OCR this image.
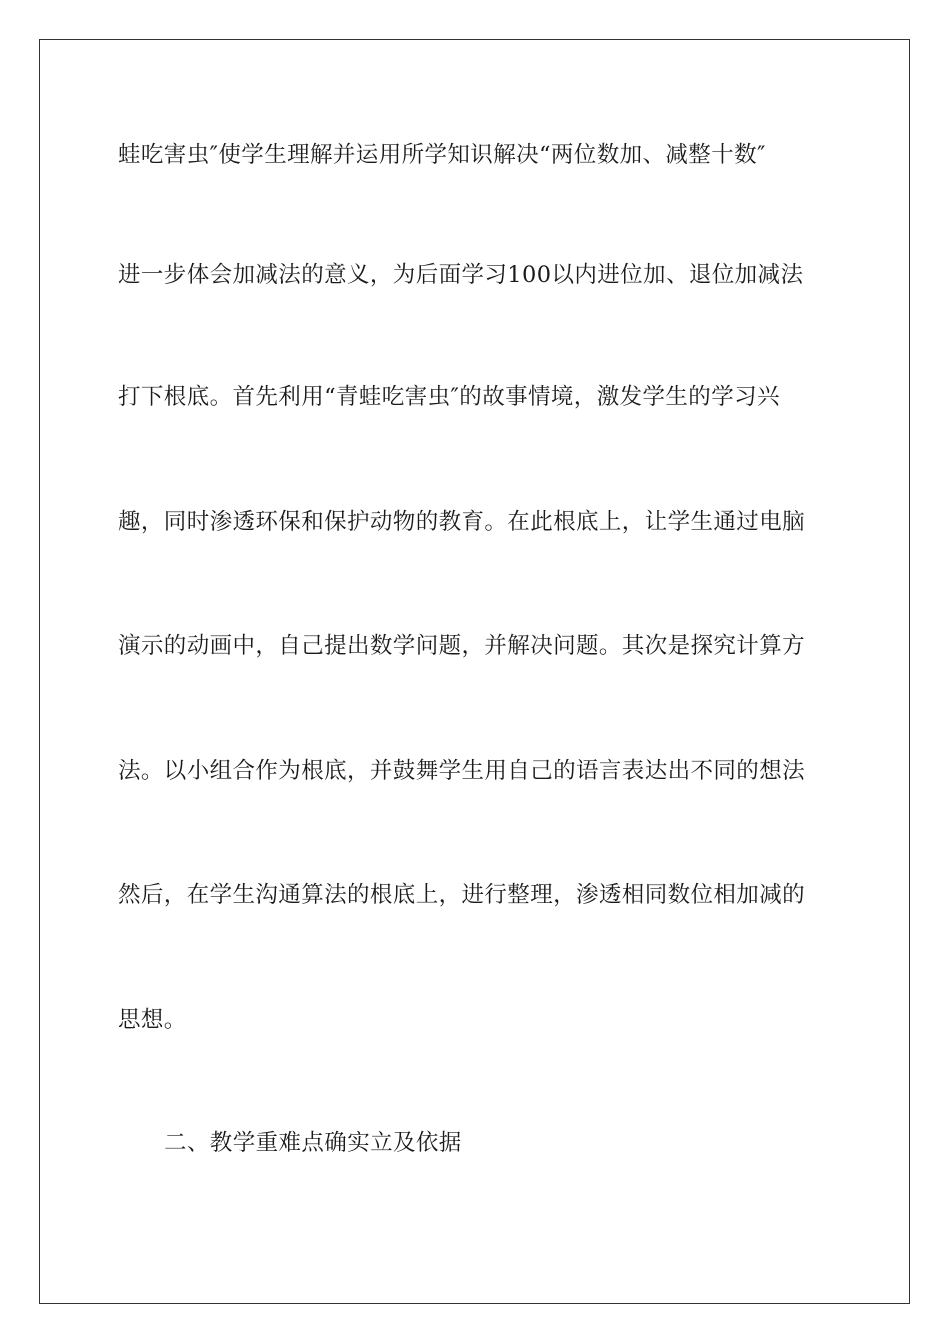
蛙吃害虫″使学生理解并运用所学知识解决“两位数加、减整十数″

进一步体会加减法的意义，为后面学习100以内进位加、退位加减法

打下根底。首先利用“青蛙吃害虫″的故事情境，激发学生的学习兴

趣，同时渗透环保和保护动物的教育。在此根底上，让学生通过电脑

演示的动画中，自己提出数学问题，并解决问题。其次是探究计算方

法。以小组合作为根底，并鼓舞学生用自己的语言表达出不同的想法

然后，在学生沟通算法的根底上，进行整理，渗透相同数位相加减的

思想。

二、教学重难点确实立及依据
